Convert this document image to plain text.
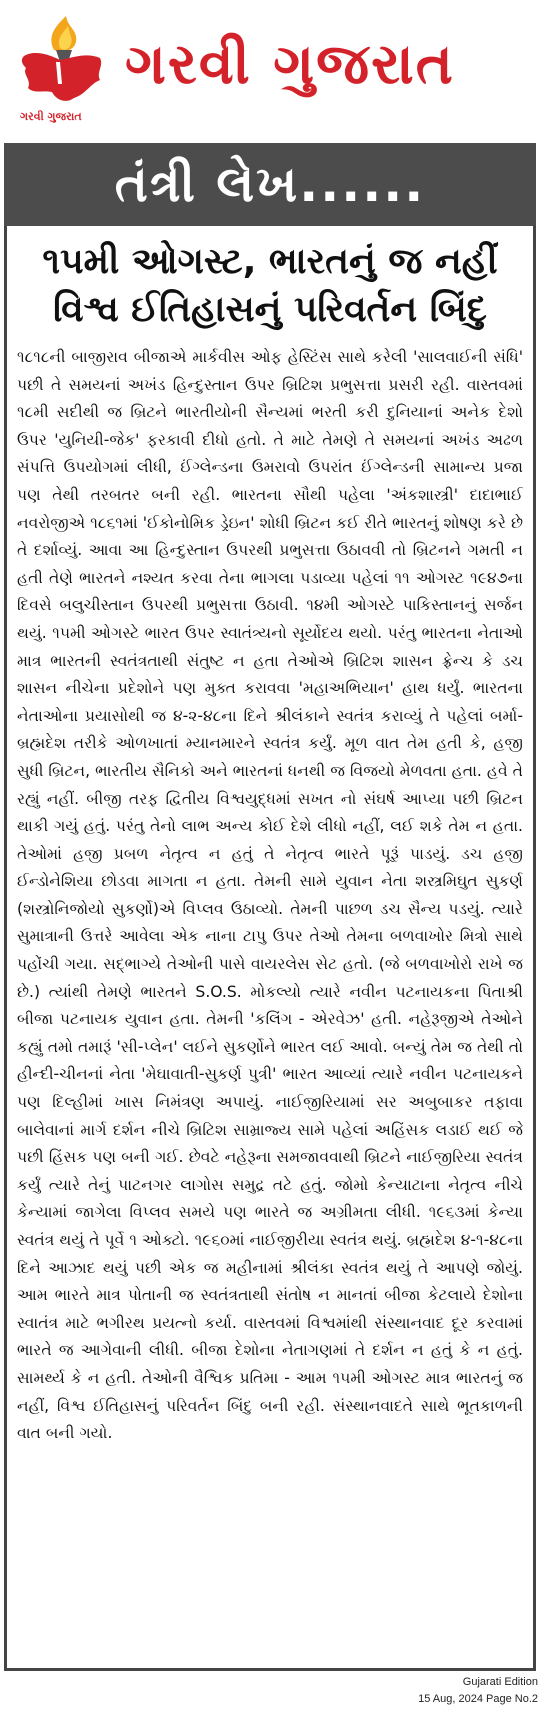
ગરવી ગુજરાત
ગરવી ગુજરાત
તંત્રી લેખ......
૧૫મી ઓગસ્ટ, ભારતનું જ નહીં
વિશ્વ ઈતિહાસનું પરિવર્તન બિંદુ
૧૮૧૮ની બાજીરાવ બીજાએ માર્કવીસ ઓફ હેસ્ટિંસ સાથે કરેલી 'સાલવાઈની સંધિ' પછી તે સમયનાં અખંડ હિન્દુસ્તાન ઉપર બ્રિટિશ પ્રભુસત્તા પ્રસરી રહી. વાસ્તવમાં ૧૮મી સદીથી જ બ્રિટને ભારતીયોની સૈન્યમાં ભરતી કરી દુનિયાનાં અનેક દેશો ઉપર 'યુનિયી-જેક' ફરકાવી દીધો હતો. તે માટે તેમણે તે સમયનાં અખંડ અઢળ સંપત્તિ ઉપયોગમાં લીધી, ઈંગ્લેન્ડના ઉમરાવો ઉપરાંત ઈંગ્લેન્ડની સામાન્ય પ્રજા પણ તેથી તરબતર બની રહી. ભારતના સૌથી પહેલા 'અંકશાસ્ત્રી' દાદાભાઈ નવરોજીએ ૧૮૬૧માં 'ઈકોનોમિક ડ્રેઇન' શોધી બ્રિટન કઈ રીતે ભારતનું શોષણ કરે છે તે દર્શાવ્યું. આવા આ હિન્દુસ્તાન ઉપરથી પ્રભુસત્તા ઉઠાવવી તો બ્રિટનને ગમતી ન હતી તેણે ભારતને નશ્યત કરવા તેના ભાગલા પડાવ્યા પહેલાં ૧૧ ઓગસ્ટ ૧૯૪૭ના દિવસે બલુચીસ્તાન ઉપરથી પ્રભુસત્તા ઉઠાવી. ૧૪મી ઓગસ્ટે પાકિસ્તાનનું સર્જન થયું. ૧૫મી ઓગસ્ટે ભારત ઉપર સ્વાતંત્ર્યનો સૂર્યોદય થયો. પરંતુ ભારતના નેતાઓ માત્ર ભારતની સ્વતંત્રતાથી સંતુષ્ટ ન હતા તેઓએ બ્રિટિશ શાસન ફ્રેન્ચ કે ડચ શાસન નીચેના પ્રદેશોને પણ મુક્ત કરાવવા 'મહાઅભિયાન' હાથ ધર્યું. ભારતના નેતાઓના પ્રયાસોથી જ ૪-૨-૪૮ના દિને શ્રીલંકાને સ્વતંત્ર કરાવ્યું તે પહેલાં બર્મા-બ્રહ્મદેશ તરીકે ઓળખાતાં મ્યાનમારને સ્વતંત્ર કર્યું. મૂળ વાત તેમ હતી કે, હજી સુધી બ્રિટન, ભારતીય સૈનિકો અને ભારતનાં ધનથી જ વિજયો મેળવતા હતા. હવે તે રહ્યું નહીં. બીજી તરફ દ્વિતીય વિશ્વયુદ્ધમાં સખત નો સંઘર્ષ આપ્યા પછી બ્રિટન થાકી ગયું હતું. પરંતુ તેનો લાભ અન્ય કોઈ દેશે લીધો નહીં, લઈ શકે તેમ ન હતા. તેઓમાં હજી પ્રબળ નેતૃત્વ ન હતું તે નેતૃત્વ ભારતે પૂરૂં પાડયું. ડચ હજી ઈન્ડોનેશિયા છોડવા માગતા ન હતા. તેમની સામે યુવાન નેતા શસ્ત્રમિઘુત સુકર્ણ (શસ્ત્રોનિજોયો સુકર્ણો)એ વિપ્લવ ઉઠાવ્યો. તેમની પાછળ ડચ સૈન્ય પડયું. ત્યારે સુમાત્રાની ઉત્તરે આવેલા એક નાના ટાપુ ઉપર તેઓ તેમના બળવાખોર મિત્રો સાથે પહોંચી ગયા. સદ્ભાગ્યે તેઓની પાસે વાયરલેસ સેટ હતો. (જે બળવાખોરો રાખે જ છે.) ત્યાંથી તેમણે ભારતને S.O.S. મોકલ્યો ત્યારે નવીન પટનાયકના પિતાશ્રી બીજા પટનાયક યુવાન હતા. તેમની 'કલિંગ - એરવેઝ' હતી. નહેરૂજીએ તેઓને કહ્યું તમો તમારૂં 'સી-પ્લેન' લઈને સુકર્ણોને ભારત લઈ આવો. બન્યું તેમ જ તેથી તો હીન્દી-ચીનનાં નેતા 'મેઘાવાતી-સુકર્ણ પુત્રી' ભારત આવ્યાં ત્યારે નવીન પટનાયકને પણ દિલ્હીમાં ખાસ નિમંત્રણ અપાયું. નાઈજીરિયામાં સર અબુબાકર તફાવા બાલેવાનાં માર્ગ દર્શન નીચે બ્રિટિશ સામ્રાજ્ય સામે પહેલાં અહિંસક લડાઈ થઈ જે પછી હિંસક પણ બની ગઈ. છેવટે નહેરૂના સમજાવવાથી બ્રિટને નાઈજીરિયા સ્વતંત્ર કર્યું ત્યારે તેનું પાટનગર લાગોસ સમુદ્ર તટે હતું. જોમો કેન્યાટાના નેતૃત્વ નીચે કેન્યામાં જાગેલા વિપ્લવ સમયે પણ ભારતે જ અગ્રીમતા લીધી. ૧૯૬૩માં કેન્યા સ્વતંત્ર થયું તે પૂર્વે ૧ ઓક્ટો. ૧૯૬૦માં નાઈજીરીયા સ્વતંત્ર થયું. બ્રહ્મદેશ ૪-૧-૪૮ના દિને આઝાદ થયું પછી એક જ મહીનામાં શ્રીલંકા સ્વતંત્ર થયું તે આપણે જોયું. આમ ભારતે માત્ર પોતાની જ સ્વતંત્રતાથી સંતોષ ન માનતાં બીજા કેટલાયે દેશોના સ્વાતંત્ર માટે ભગીરથ પ્રયત્નો કર્યા. વાસ્તવમાં વિશ્વમાંથી સંસ્થાનવાદ દૂર કરવામાં ભારતે જ આગેવાની લીધી. બીજા દેશોના નેતાગણમાં તે દર્શન ન હતું કે ન હતું. સામર્થ્ય કે ન હતી. તેઓની વૈશ્વિક પ્રતિમા - આમ ૧૫મી ઓગસ્ટ માત્ર ભારતનું જ નહીં, વિશ્વ ઈતિહાસનું પરિવર્તન બિંદુ બની રહી. સંસ્થાનવાદતે સાથે ભૂતકાળની વાત બની ગયો.
Gujarati Edition
15 Aug, 2024 Page No.2
